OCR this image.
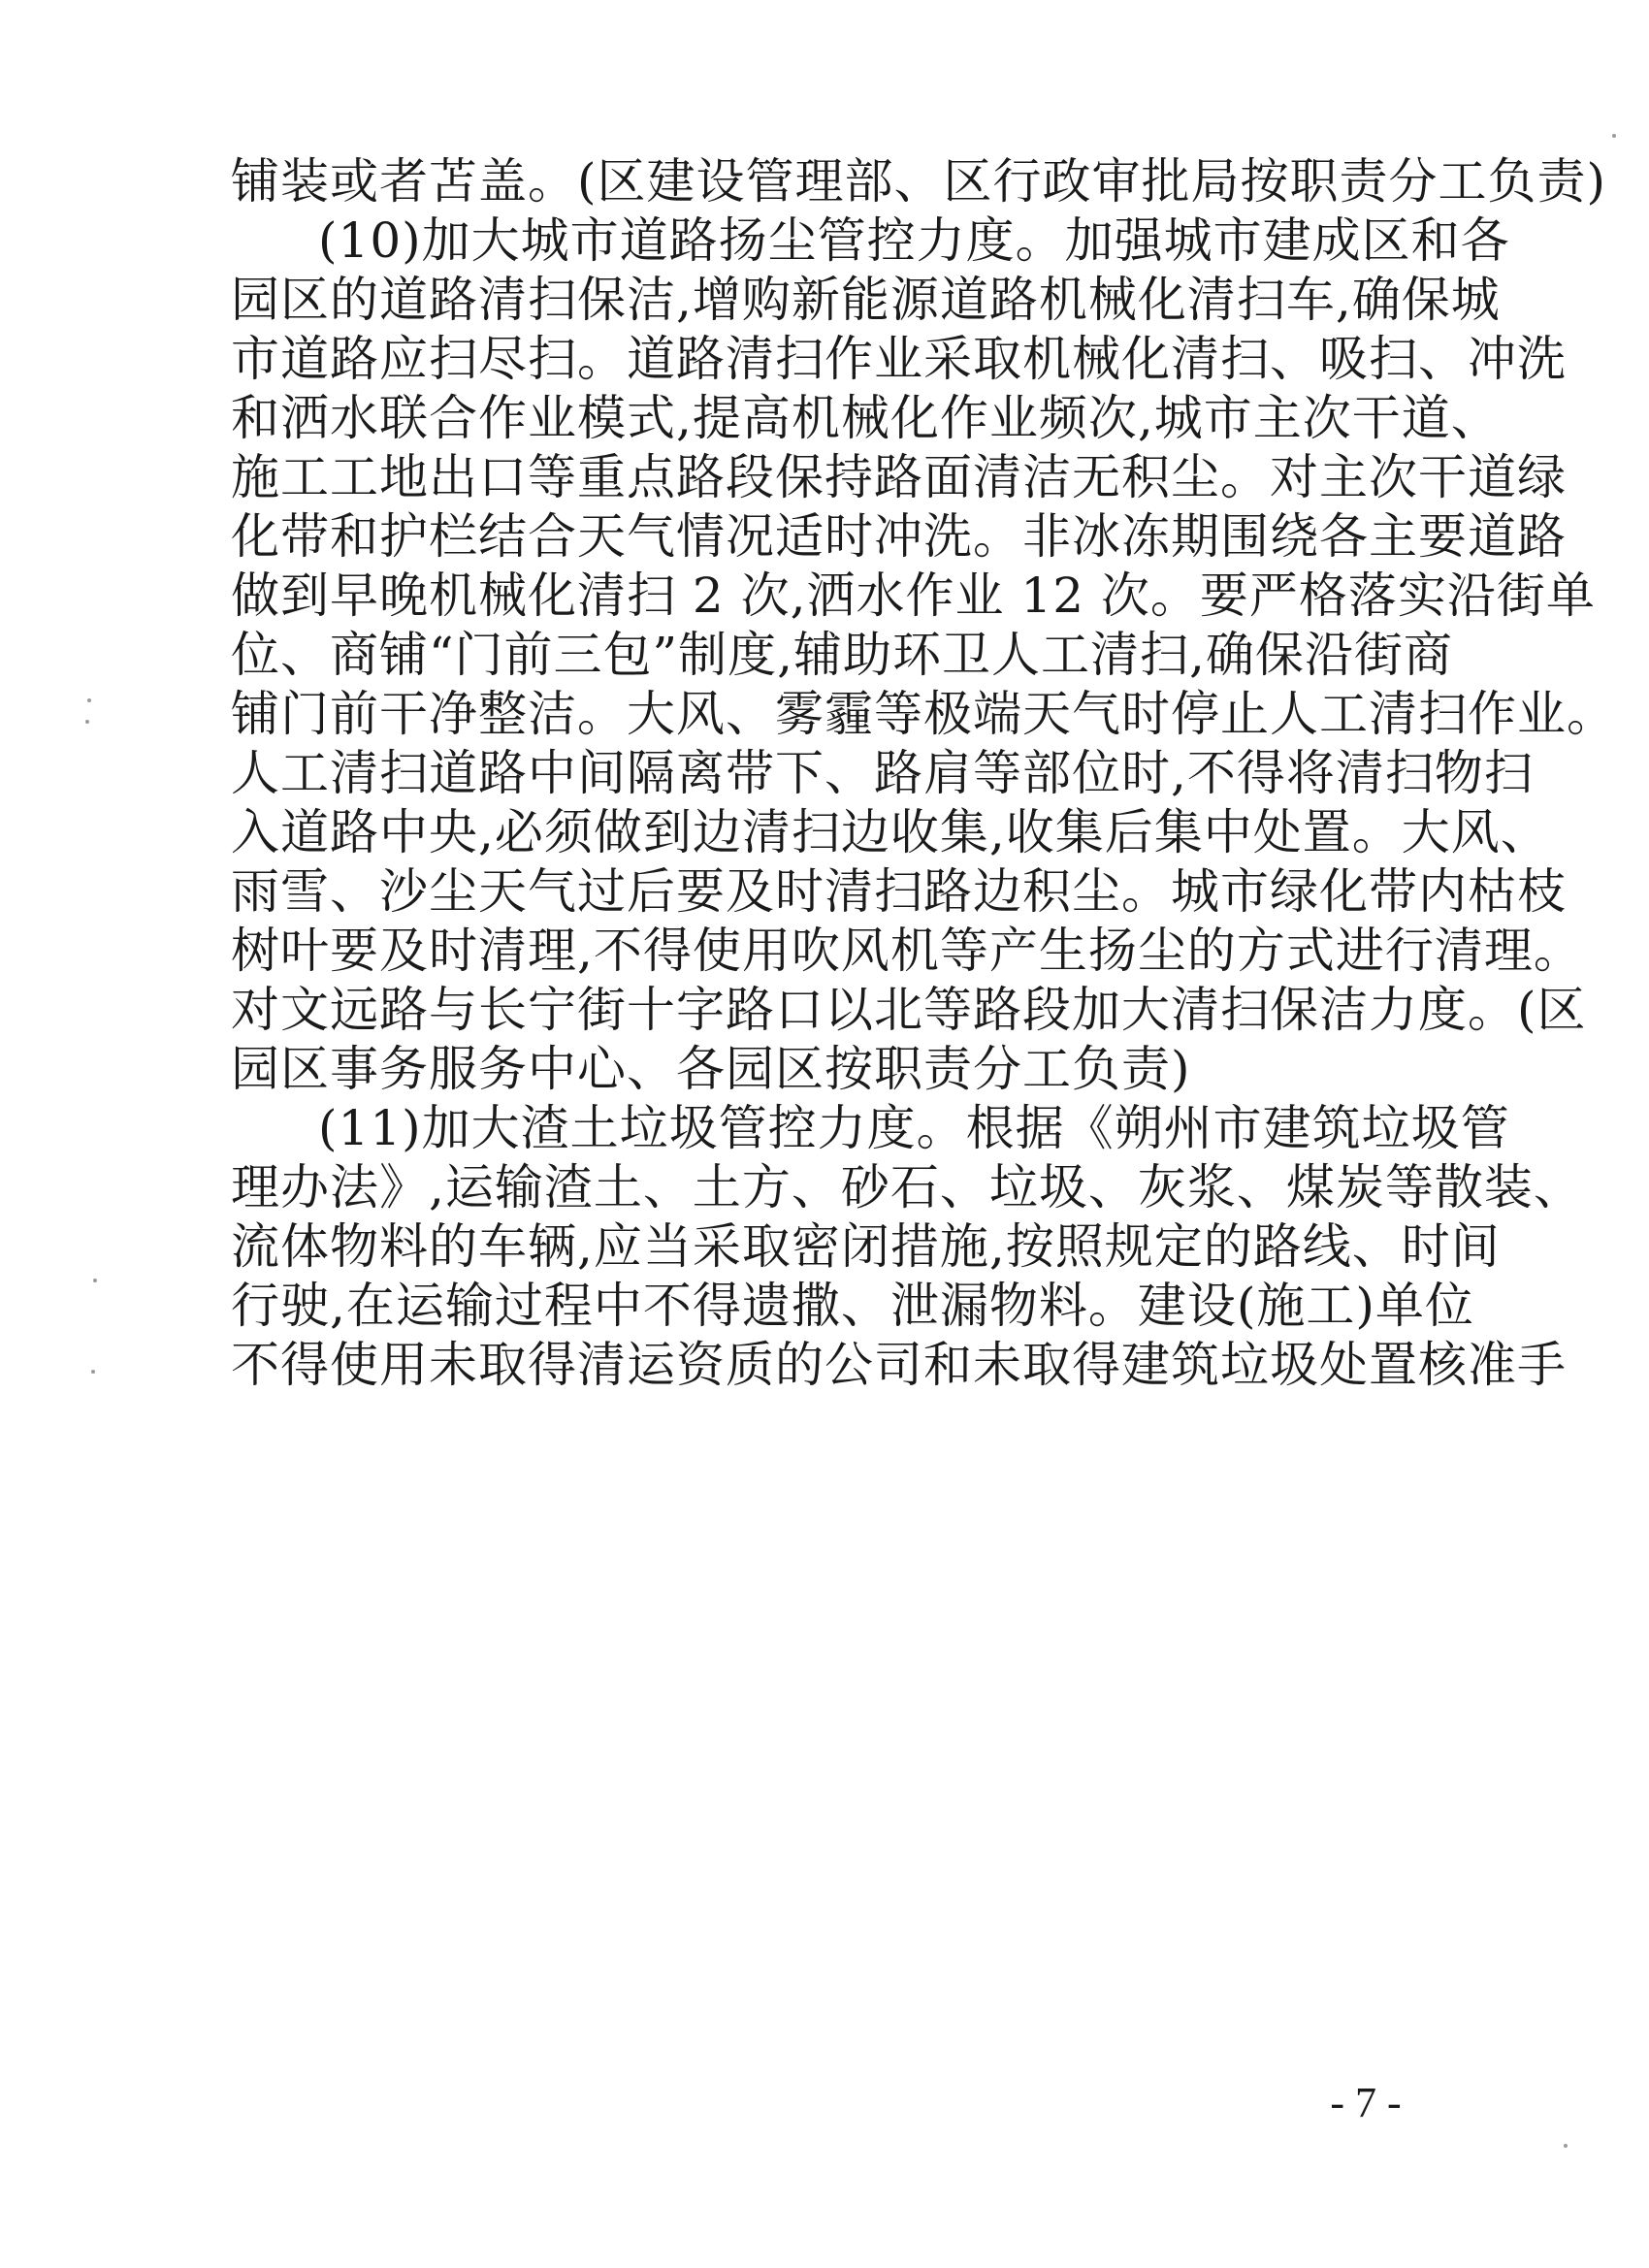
铺装或者苫盖。(区建设管理部、区行政审批局按职责分工负责)
(10)加大城市道路扬尘管控力度。加强城市建成区和各
园区的道路清扫保洁,增购新能源道路机械化清扫车,确保城
市道路应扫尽扫。道路清扫作业采取机械化清扫、吸扫、冲洗
和洒水联合作业模式,提高机械化作业频次,城市主次干道、
施工工地出口等重点路段保持路面清洁无积尘。对主次干道绿
化带和护栏结合天气情况适时冲洗。非冰冻期围绕各主要道路
做到早晚机械化清扫 2 次,洒水作业 12 次。要严格落实沿街单
位、商铺“门前三包”制度,辅助环卫人工清扫,确保沿街商
铺门前干净整洁。大风、雾霾等极端天气时停止人工清扫作业。
人工清扫道路中间隔离带下、路肩等部位时,不得将清扫物扫
入道路中央,必须做到边清扫边收集,收集后集中处置。大风、
雨雪、沙尘天气过后要及时清扫路边积尘。城市绿化带内枯枝
树叶要及时清理,不得使用吹风机等产生扬尘的方式进行清理。
对文远路与长宁街十字路口以北等路段加大清扫保洁力度。(区
园区事务服务中心、各园区按职责分工负责)
(11)加大渣土垃圾管控力度。根据《朔州市建筑垃圾管
理办法》,运输渣土、土方、砂石、垃圾、灰浆、煤炭等散装、
流体物料的车辆,应当采取密闭措施,按照规定的路线、时间
行驶,在运输过程中不得遗撒、泄漏物料。建设(施工)单位
不得使用未取得清运资质的公司和未取得建筑垃圾处置核准手
- 7 -
